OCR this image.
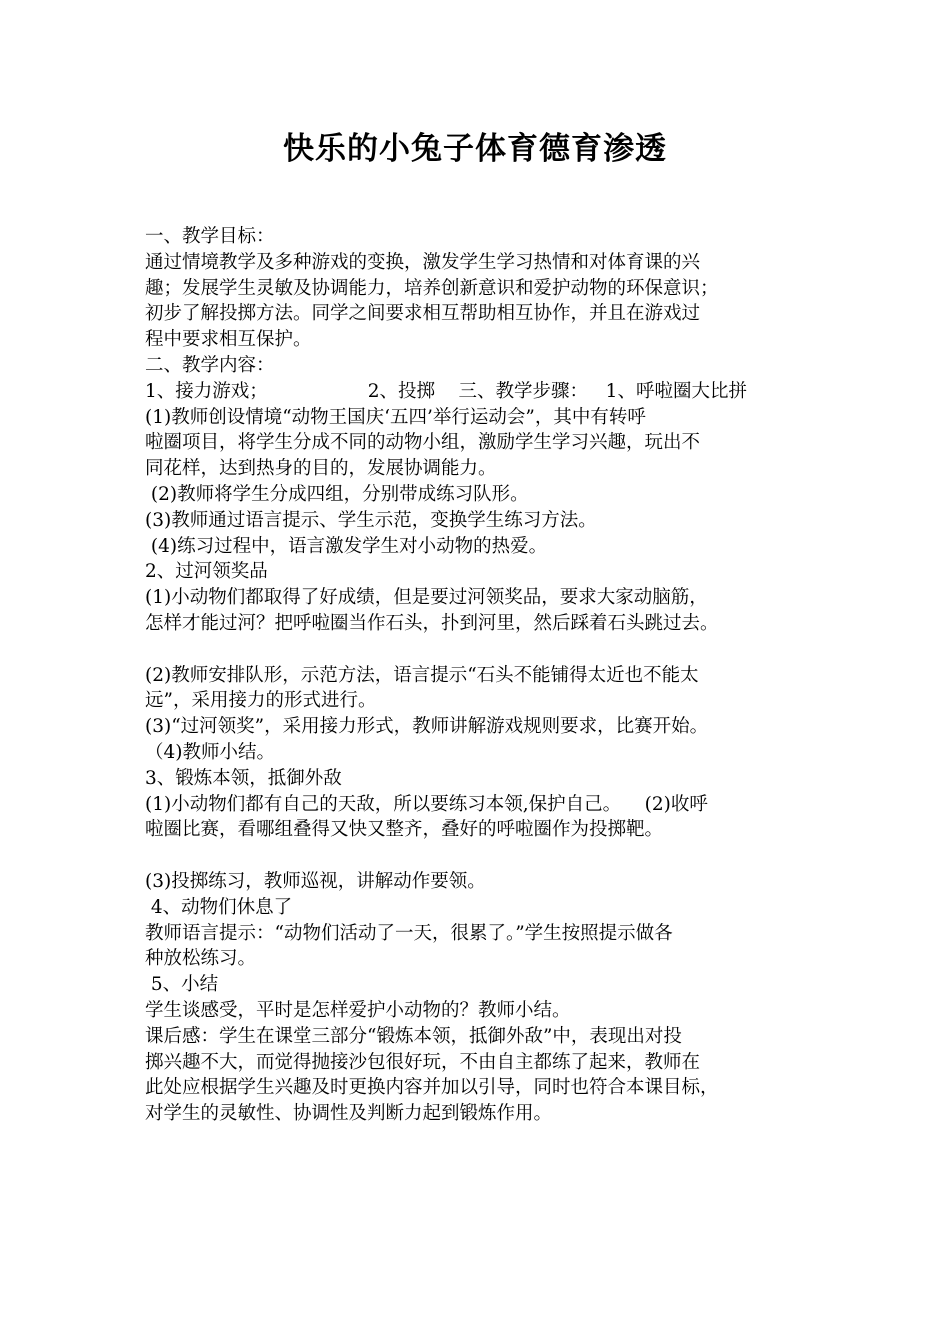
快乐的小兔子体育德育渗透
一、教学目标：
通过情境教学及多种游戏的变换，激发学生学习热情和对体育课的兴
趣；发展学生灵敏及协调能力，培养创新意识和爱护动物的环保意识；
初步了解投掷方法。同学之间要求相互帮助相互协作，并且在游戏过
程中要求相互保护。
二、教学内容：
1、接力游戏；                 2、投掷    三、教学步骤：   1、呼啦圈大比拼
(1)教师创设情境“动物王国庆‘五四’举行运动会”，其中有转呼
啦圈项目，将学生分成不同的动物小组，激励学生学习兴趣，玩出不
同花样，达到热身的目的，发展协调能力。
(2)教师将学生分成四组，分别带成练习队形。
(3)教师通过语言提示、学生示范，变换学生练习方法。
(4)练习过程中，语言激发学生对小动物的热爱。
2、过河领奖品
(1)小动物们都取得了好成绩，但是要过河领奖品，要求大家动脑筋，
怎样才能过河？把呼啦圈当作石头，扑到河里，然后踩着石头跳过去。
(2)教师安排队形，示范方法，语言提示“石头不能铺得太近也不能太
远”，采用接力的形式进行。
(3)“过河领奖”，采用接力形式，教师讲解游戏规则要求，比赛开始。
（4)教师小结。
3、锻炼本领，抵御外敌
(1)小动物们都有自己的天敌，所以要练习本领,保护自己。    (2)收呼
啦圈比赛，看哪组叠得又快又整齐，叠好的呼啦圈作为投掷靶。
(3)投掷练习，教师巡视，讲解动作要领。
4、动物们休息了
教师语言提示：“动物们活动了一天，很累了。”学生按照提示做各
种放松练习。
5、小结
学生谈感受，平时是怎样爱护小动物的？教师小结。
课后感：学生在课堂三部分“锻炼本领，抵御外敌”中，表现出对投
掷兴趣不大，而觉得抛接沙包很好玩，不由自主都练了起来，教师在
此处应根据学生兴趣及时更换内容并加以引导，同时也符合本课目标，
对学生的灵敏性、协调性及判断力起到锻炼作用。
